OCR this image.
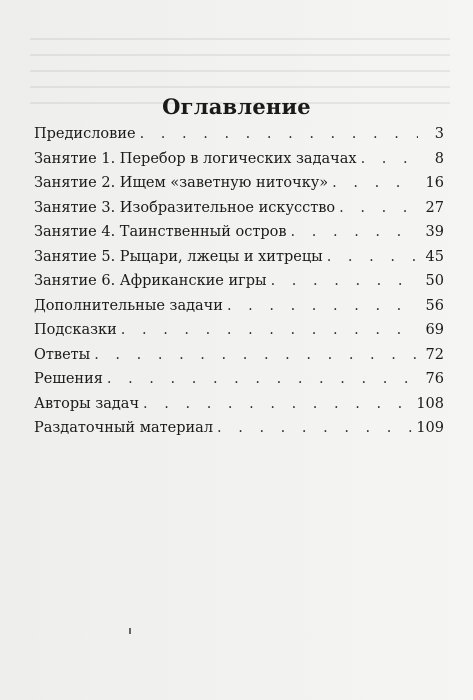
Оглавление
Предисловие . . .	3
Занятие 1. Перебор в логических задачах . . .	8
Занятие 2. Ищем «заветную ниточку» . . .	16
Занятие 3. Изобразительное искусство . . .	27
Занятие 4. Таинственный остров . . .	39
Занятие 5. Рыцари, лжецы и хитрецы . . .	45
Занятие 6. Африканские игры . . .	50
Дополнительные задачи . . .	56
Подсказки . . .	69
Ответы . . .	72
Решения . . .	76
Авторы задач . . .	108
Раздаточный материал . . .	109
